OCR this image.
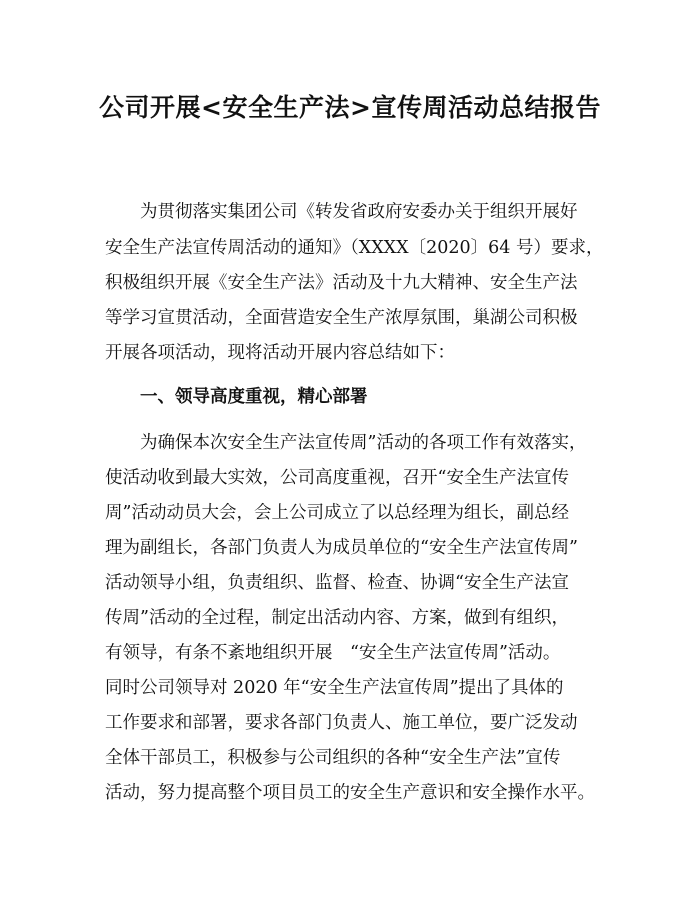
公司开展<安全生产法>宣传周活动总结报告
为贯彻落实集团公司《转发省政府安委办关于组织开展好
安全生产法宣传周活动的通知》（XXXX〔2020〕64 号）要求，
积极组织开展《安全生产法》活动及十九大精神、安全生产法
等学习宣贯活动，全面营造安全生产浓厚氛围，巢湖公司积极
开展各项活动，现将活动开展内容总结如下：
一、领导高度重视，精心部署
为确保本次安全生产法宣传周”活动的各项工作有效落实，
使活动收到最大实效，公司高度重视，召开“安全生产法宣传
周”活动动员大会，会上公司成立了以总经理为组长，副总经
理为副组长，各部门负责人为成员单位的“安全生产法宣传周”
活动领导小组，负责组织、监督、检查、协调“安全生产法宣
传周”活动的全过程，制定出活动内容、方案，做到有组织，
有领导，有条不紊地组织开展　“安全生产法宣传周”活动。
同时公司领导对 2020 年“安全生产法宣传周”提出了具体的
工作要求和部署，要求各部门负责人、施工单位，要广泛发动
全体干部员工，积极参与公司组织的各种“安全生产法”宣传
活动，努力提高整个项目员工的安全生产意识和安全操作水平。
